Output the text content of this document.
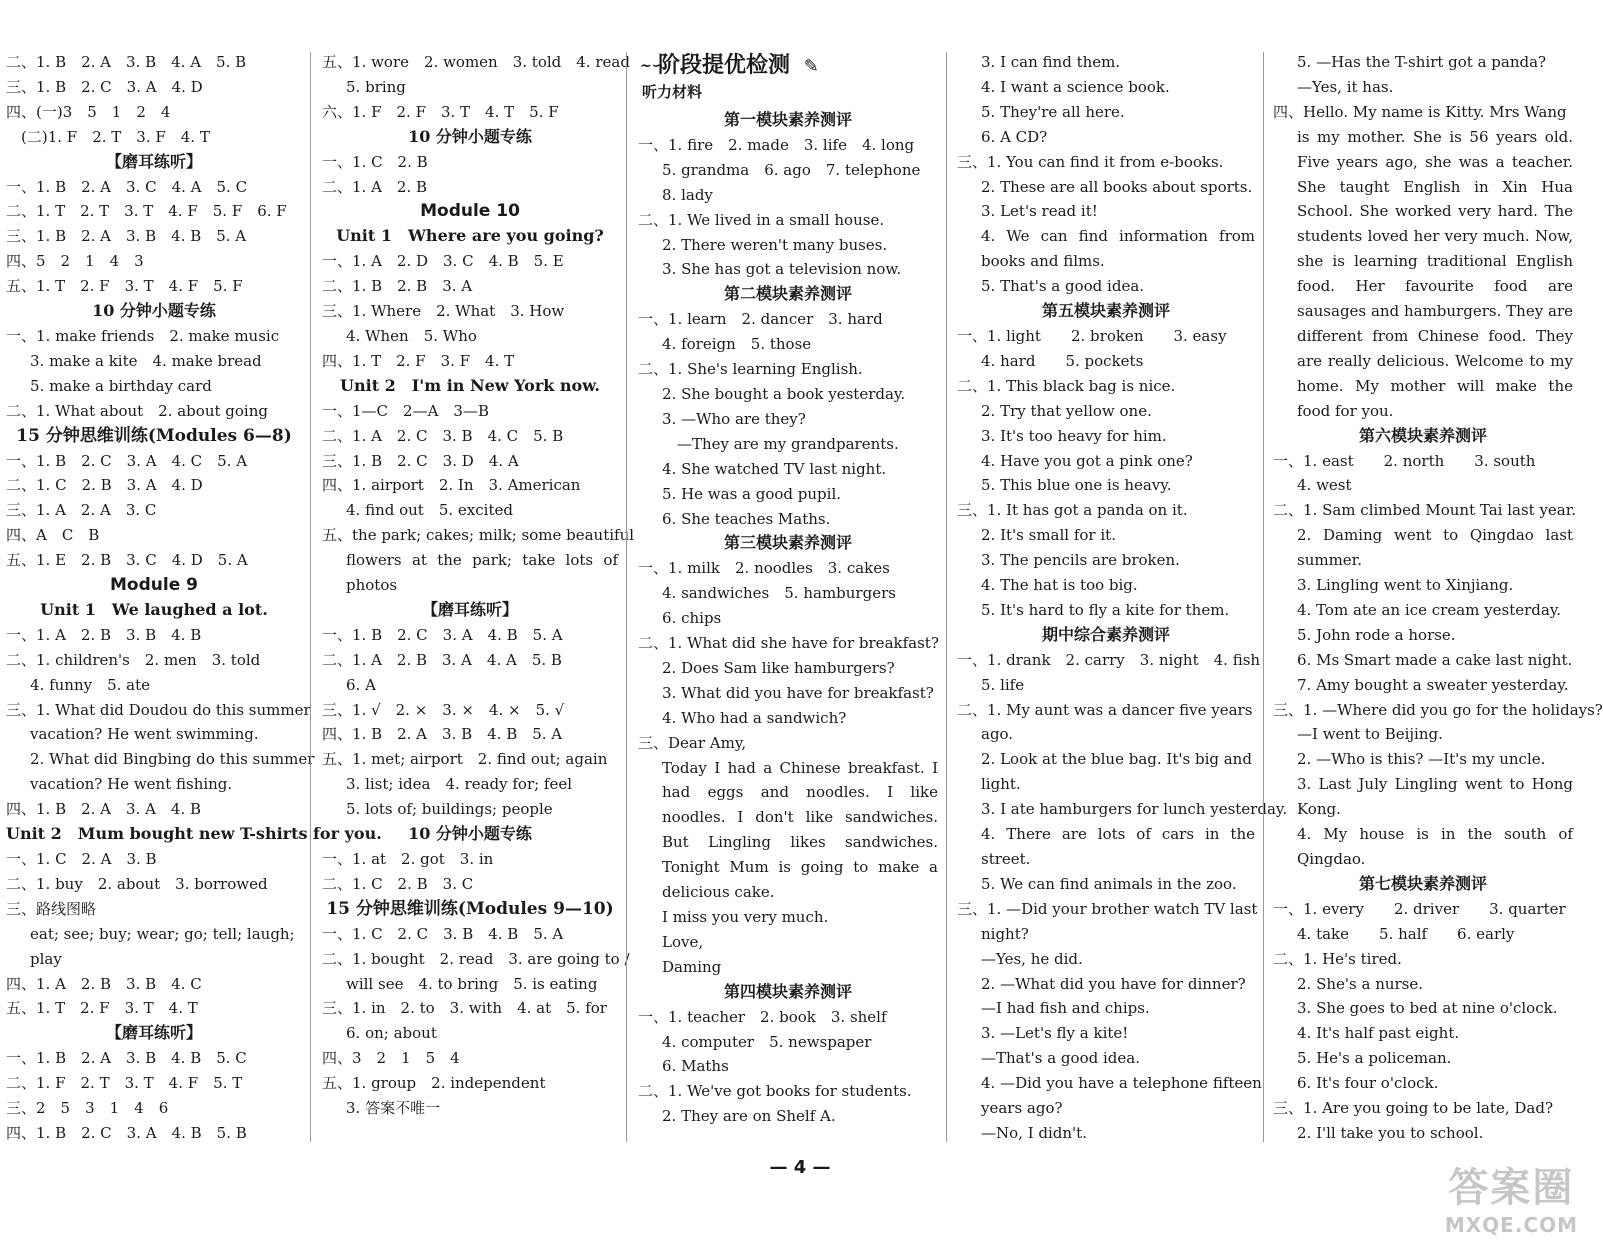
二、1. B　2. A　3. B　4. A　5. B
三、1. B　2. C　3. A　4. D
四、(一)3　5　1　2　4
　(二)1. F　2. T　3. F　4. T
【磨耳练听】
一、1. B　2. A　3. C　4. A　5. C
二、1. T　2. T　3. T　4. F　5. F　6. F
三、1. B　2. A　3. B　4. B　5. A
四、5　2　1　4　3
五、1. T　2. F　3. T　4. F　5. F
10 分钟小题专练
一、1. make friends　2. make music
3. make a kite　4. make bread
5. make a birthday card
二、1. What about　2. about going
15 分钟思维训练(Modules 6—8)
一、1. B　2. C　3. A　4. C　5. A
二、1. C　2. B　3. A　4. D
三、1. A　2. A　3. C
四、A　C　B
五、1. E　2. B　3. C　4. D　5. A
Module 9
Unit 1　We laughed a lot.
一、1. A　2. B　3. B　4. B
二、1. children's　2. men　3. told
4. funny　5. ate
三、1. What did Doudou do this summer
vacation? He went swimming.
2. What did Bingbing do this summer
vacation? He went fishing.
四、1. B　2. A　3. A　4. B
Unit 2　Mum bought new T-shirts for you.
一、1. C　2. A　3. B
二、1. buy　2. about　3. borrowed
三、路线图略
eat; see; buy; wear; go; tell; laugh;
play
四、1. A　2. B　3. B　4. C
五、1. T　2. F　3. T　4. T
【磨耳练听】
一、1. B　2. A　3. B　4. B　5. C
二、1. F　2. T　3. T　4. F　5. T
三、2　5　3　1　4　6
四、1. B　2. C　3. A　4. B　5. B
五、1. wore　2. women　3. told　4. read
5. bring
六、1. F　2. F　3. T　4. T　5. F
10 分钟小题专练
一、1. C　2. B
二、1. A　2. B
Module 10
Unit 1　Where are you going?
一、1. A　2. D　3. C　4. B　5. E
二、1. B　2. B　3. A
三、1. Where　2. What　3. How
4. When　5. Who
四、1. T　2. F　3. F　4. T
Unit 2　I'm in New York now.
一、1—C　2—A　3—B
二、1. A　2. C　3. B　4. C　5. B
三、1. B　2. C　3. D　4. A
四、1. airport　2. In　3. American
4. find out　5. excited
五、the park; cakes; milk; some beautiful
flowers at the park; take lots of
photos
【磨耳练听】
一、1. B　2. C　3. A　4. B　5. A
二、1. A　2. B　3. A　4. A　5. B
6. A
三、1. √　2. ×　3. ×　4. ×　5. √
四、1. B　2. A　3. B　4. B　5. A
五、1. met; airport　2. find out; again
3. list; idea　4. ready for; feel
5. lots of; buildings; people
10 分钟小题专练
一、1. at　2. got　3. in
二、1. C　2. B　3. C
15 分钟思维训练(Modules 9—10)
一、1. C　2. C　3. B　4. B　5. A
二、1. bought　2. read　3. are going to /
will see　4. to bring　5. is eating
三、1. in　2. to　3. with　4. at　5. for
6. on; about
四、3　2　1　5　4
五、1. group　2. independent
3. 答案不唯一
~∽
阶段提优检测 ✎
听力材料
第一模块素养测评
一、1. fire　2. made　3. life　4. long
5. grandma　6. ago　7. telephone
8. lady
二、1. We lived in a small house.
2. There weren't many buses.
3. She has got a television now.
第二模块素养测评
一、1. learn　2. dancer　3. hard
4. foreign　5. those
二、1. She's learning English.
2. She bought a book yesterday.
3. —Who are they?
　—They are my grandparents.
4. She watched TV last night.
5. He was a good pupil.
6. She teaches Maths.
第三模块素养测评
一、1. milk　2. noodles　3. cakes
4. sandwiches　5. hamburgers
6. chips
二、1. What did she have for breakfast?
2. Does Sam like hamburgers?
3. What did you have for breakfast?
4. Who had a sandwich?
三、Dear Amy,
Today I had a Chinese breakfast. I
had eggs and noodles. I like
noodles. I don't like sandwiches.
But Lingling likes sandwiches.
Tonight Mum is going to make a
delicious cake.
I miss you very much.
Love,
Daming
第四模块素养测评
一、1. teacher　2. book　3. shelf
4. computer　5. newspaper
6. Maths
二、1. We've got books for students.
2. They are on Shelf A.
3. I can find them.
4. I want a science book.
5. They're all here.
6. A CD?
三、1. You can find it from e-books.
2. These are all books about sports.
3. Let's read it!
4. We can find information from
books and films.
5. That's a good idea.
第五模块素养测评
一、1. light　　2. broken　　3. easy
4. hard　　5. pockets
二、1. This black bag is nice.
2. Try that yellow one.
3. It's too heavy for him.
4. Have you got a pink one?
5. This blue one is heavy.
三、1. It has got a panda on it.
2. It's small for it.
3. The pencils are broken.
4. The hat is too big.
5. It's hard to fly a kite for them.
期中综合素养测评
一、1. drank　2. carry　3. night　4. fish
5. life
二、1. My aunt was a dancer five years
ago.
2. Look at the blue bag. It's big and
light.
3. I ate hamburgers for lunch yesterday.
4. There are lots of cars in the
street.
5. We can find animals in the zoo.
三、1. —Did your brother watch TV last
night?
—Yes, he did.
2. —What did you have for dinner?
—I had fish and chips.
3. —Let's fly a kite!
—That's a good idea.
4. —Did you have a telephone fifteen
years ago?
—No, I didn't.
5. —Has the T-shirt got a panda?
—Yes, it has.
四、Hello. My name is Kitty. Mrs Wang
is my mother. She is 56 years old.
Five years ago, she was a teacher.
She taught English in Xin Hua
School. She worked very hard. The
students loved her very much. Now,
she is learning traditional English
food. Her favourite food are
sausages and hamburgers. They are
different from Chinese food. They
are really delicious. Welcome to my
home. My mother will make the
food for you.
第六模块素养测评
一、1. east　　2. north　　3. south
4. west
二、1. Sam climbed Mount Tai last year.
2. Daming went to Qingdao last
summer.
3. Lingling went to Xinjiang.
4. Tom ate an ice cream yesterday.
5. John rode a horse.
6. Ms Smart made a cake last night.
7. Amy bought a sweater yesterday.
三、1. —Where did you go for the holidays?
—I went to Beijing.
2. —Who is this? —It's my uncle.
3. Last July Lingling went to Hong
Kong.
4. My house is in the south of
Qingdao.
第七模块素养测评
一、1. every　　2. driver　　3. quarter
4. take　　5. half　　6. early
二、1. He's tired.
2. She's a nurse.
3. She goes to bed at nine o'clock.
4. It's half past eight.
5. He's a policeman.
6. It's four o'clock.
三、1. Are you going to be late, Dad?
2. I'll take you to school.
— 4 —	答案圈
MXQE.COM
